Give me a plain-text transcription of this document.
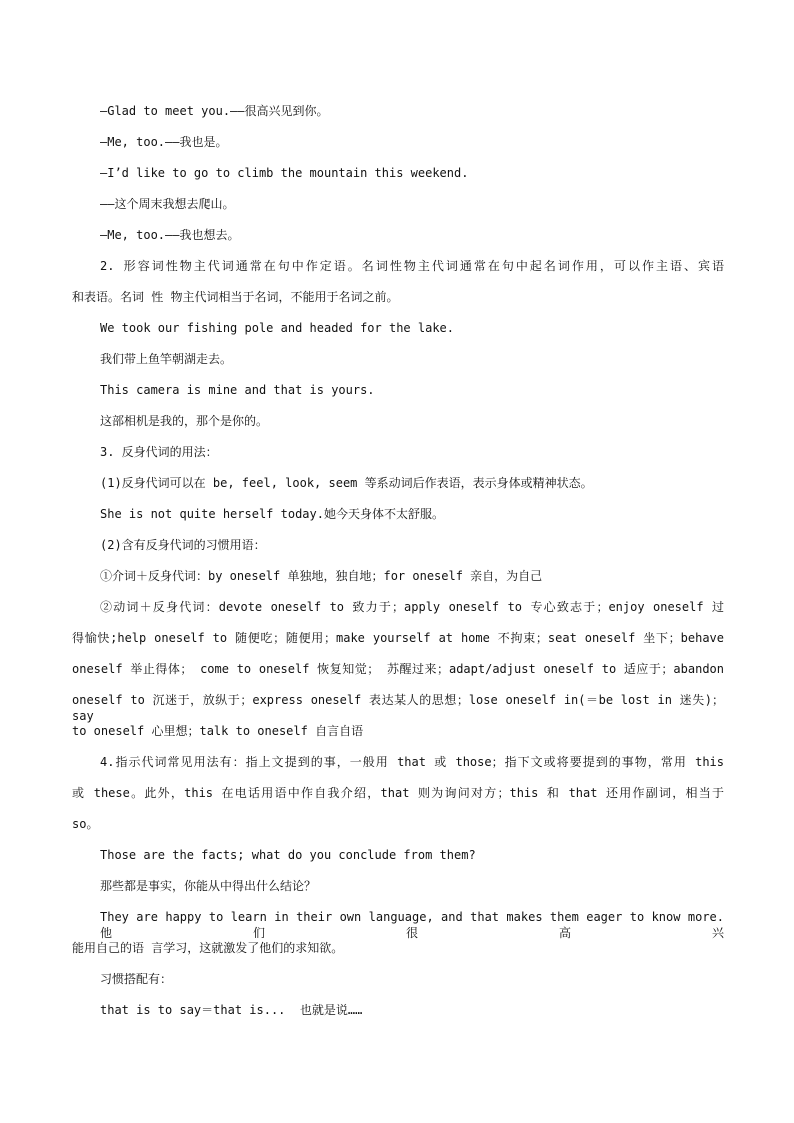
—Glad to meet you.——很高兴见到你。
—Me, too.——我也是。
—I’d like to go to climb the mountain this weekend.
——这个周末我想去爬山。
—Me, too.——我也想去。
2. 形容词性物主代词通常在句中作定语。名词性物主代词通常在句中起名词作用，可以作主语、宾语
和表语。名词 性 物主代词相当于名词，不能用于名词之前。
We took our fishing pole and headed for the lake.
我们带上鱼竿朝湖走去。
This camera is mine and that is yours.
这部相机是我的，那个是你的。
3. 反身代词的用法：
(1)反身代词可以在 be, feel, look, seem 等系动词后作表语，表示身体或精神状态。
She is not quite herself today.她今天身体不太舒服。
(2)含有反身代词的习惯用语：
①介词＋反身代词：by oneself 单独地，独自地；for oneself 亲自，为自己
②动词＋反身代词：devote oneself to 致力于；apply oneself to 专心致志于；enjoy oneself 过
得愉快;help oneself to 随便吃；随便用；make yourself at home 不拘束；seat oneself 坐下；behave
oneself 举止得体； come to oneself 恢复知觉； 苏醒过来；adapt/adjust oneself to 适应于；abandon
oneself to 沉迷于，放纵于；express oneself 表达某人的思想；lose oneself in(＝be lost in 迷失)；say
to oneself 心里想；talk to oneself 自言自语
4.指示代词常见用法有：指上文提到的事，一般用 that 或 those；指下文或将要提到的事物，常用 this
或 these。此外，this 在电话用语中作自我介绍，that 则为询问对方；this 和 that 还用作副词，相当于
so。
Those are the facts; what do you conclude from them?
那些都是事实，你能从中得出什么结论？
They are happy to learn in their own language, and that makes them eager to know more.他们很高兴
能用自己的语 言学习，这就激发了他们的求知欲。
习惯搭配有：
that is to say＝that is...  也就是说……
